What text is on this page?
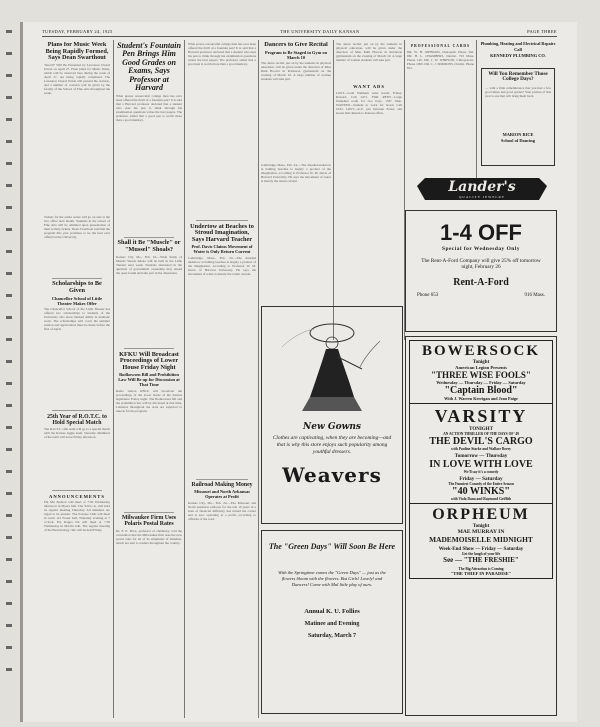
TUESDAY, FEBRUARY 24, 1925	THE UNIVERSITY DAILY KANSAN	PAGE THREE
Plans for Music Week Being Rapidly Formed, Says Dean Swarthout
"Recall" Will Be Presented by Lawrence Choral Union on April 27. Final plans for Music Week, which will be observed here during the week of April 27, are being rapidly completed. The Lawrence Choral Union will present the oratorio, and a number of concerts will be given by the faculty of the School of Fine Arts throughout the week.
Tickets for the entire series will go on sale at the box office next month. Students in the school of Fine Arts will be admitted upon presentation of their activity tickets. Dean Swarthout said that the program this year promises to be the best ever offered at the University.
Scholarships to Be Given
Chancellor School of Little Theater Makes Offer
The Chancellor School of the Little Theater has offered two scholarships to students of the University who show marked ability in dramatic work. The scholarships will cover the summer session and applications must be made before the first of April.
25th Year of R.O.T.C. to Hold Special Match
The R.O.T.C. rifle team will go to a special match with the Kansas Aggie team, Saturday. Members of the team will leave Friday afternoon.
ANNOUNCEMENTS
Phi Mu Epsilon will meet at 7:30 Wednesday afternoon in Myers hall. The Y.W.C.A. will hold its regular meeting Thursday. All members are urged to be present. The Pawnee Club will meet in room 112 Fraser hall, Thursday evening at 7 o'clock. Eta Kappa Nu will meet at 7:30 Wednesday in Marvin hall. The regular meeting of the Bacteriology club will be held Friday.
Student's Fountain Pen Brings Him Good Grades on Exams, Says Professor at Harvard
What proud, resourceful college man has ever been offered the thrill of a fountain pen? It is said that a Harvard professor declared that a student who uses his pen to think through his examination questions writes the best papers. The professor added that a good pen is worth more than a good memory.
Shall it Be "Muscle" or "Mussel" Shoals?
Kansas City, Mo., Feb. 24.—Wide Study of Muscle Shoals debate will be held in the Little Theater next week. Students interested in the question of government ownership may attend the open forum and take part in the discussion.
KFKU Will Broadcast Proceedings of Lower House Friday Night
Bodkowsen Bill and Prohibition Law Will Be up for Discussion at That Time
Radio station KFKU will broadcast the proceedings of the lower house of the Kansas legislature Friday night. The Bodkowsen bill and the prohibition law will be discussed at that time. Listeners throughout the state are expected to tune in for the program.
Milwaukee Firm Uses Polaris Postal Rates
Dr. F. E. Price, professor of chemistry, told the convention that the Milwaukee firm uses the new postal rates for all of its shipments of bulletins, which are sent to readers throughout the country.
What proud, resourceful college man has ever been offered the thrill of a fountain pen? It is said that a Harvard professor declared that a student who uses his pen to think through his examination questions writes the best papers. The professor added that a good pen is worth more than a good memory.
Undertow at Beaches to Stroud Imagination, Says Harvard Teacher
Prof. Davis Claims Movement of Water is Only Return Current
Cambridge, Mass., Feb. 24.—The dreaded undertow at bathing beaches is largely a product of the imagination, according to Professor W. M. Davis of Harvard University. He says the movement of water is merely the return current.
Railroad Making Money
Missouri and North Arkansas Operates at Profit
Kansas City, Mo., Feb. 24.—The Missouri and North Arkansas railroad, for the last 10 years in a state of financial difficulty, has turned the corner and is now operating at a profit, according to officials of the road.
Dancers to Give Recital
Program to Be Staged in Gym on March 10
The dance recital, put on by the students in physical education, will be given under the direction of Miss Ruth Hoover in Robinson gymnasium on the evening of March 10. A large number of women students will take part.
Cambridge, Mass., Feb. 24.—The dreaded undertow at bathing beaches is largely a product of the imagination, according to Professor W. M. Davis of Harvard University. He says the movement of water is merely the return current.
The dance recital, put on by the students in physical education, will be given under the direction of Miss Ruth Hoover in Robinson gymnasium on the evening of March 10. A large number of women students will take part.
WANT ADS
LOST—Gold Waltham wrist watch, Friday. Reward. Call 2471. FOR RENT—Large furnished room for two boys. 1337 Ohio. WANTED—Student to work for board. Call 1043. LOST—K.U. pin between Fraser and Green hall. Return to Kansan office.
PROFESSIONAL CARDS
DR. W. H. JOHNSON, Osteopath. Phone 342. DR. H. L. CHAMBERS, Dentist. 723 Mass. Phone 140. DR. J. W. O'BRYON, Chiropractor. Phone 1090. DR. C. J. SIMMONS, Oculist. Phone 812.
Plumbing, Heating and Electrical Repairs
Call
KENNEDY PLUMBING CO.
Will You Remember Those College Days?
— with a little remembrance that you had a few good times and good grades? Your picture of this year is one that will bring them back.
MARION RICE
School of Dancing
Lander's
QUALITY JEWELRY
1-4 OFF
Special for Wednesday Only
The Rent-A-Ford Company will give 25% off tomorrow night, February 26
Rent-A-Ford
Phone 653	916 Mass.
New Gowns
Clothes are captivating, when they are becoming—and that is why this store enjoys such popularity among youthful dressers.
Weavers
The "Green Days" Will Soon Be Here
With the Springtime comes the "Green Days" — just as the flowers bloom with the flowers. But Girls! Lovely! and Dancers! Come with Mal little play of ours.
Annual K. U. Follies
Matinee and Evening
Saturday, March 7
BOWERSOCK
Tonight
American Legion Presents
"THREE WISE FOOLS"
Wednesday — Thursday — Friday — Saturday
"Captain Blood"
With J. Warren Kerrigan and Jean Paige
VARSITY
TONIGHT
AN ACTION THRILLER OF THE DAYS OF '49
THE DEVIL'S CARGO
with Pauline Starke and Wallace Beery
Tomorrow — Thursday
IN LOVE WITH LOVE
We'll say it's a comedy
Friday — Saturday
The Funniest Comedy of the Entire Season
"40 WINKS"
with Viola Dana and Raymond Griffith
ORPHEUM
Tonight
MAE MURRAY IN
MADEMOISELLE MIDNIGHT
Week-End Show — Friday — Saturday
Get the laugh of your life
See — "THE FRESHIE"
The Big Attraction is Coming
"THE THIEF IN PARADISE"
